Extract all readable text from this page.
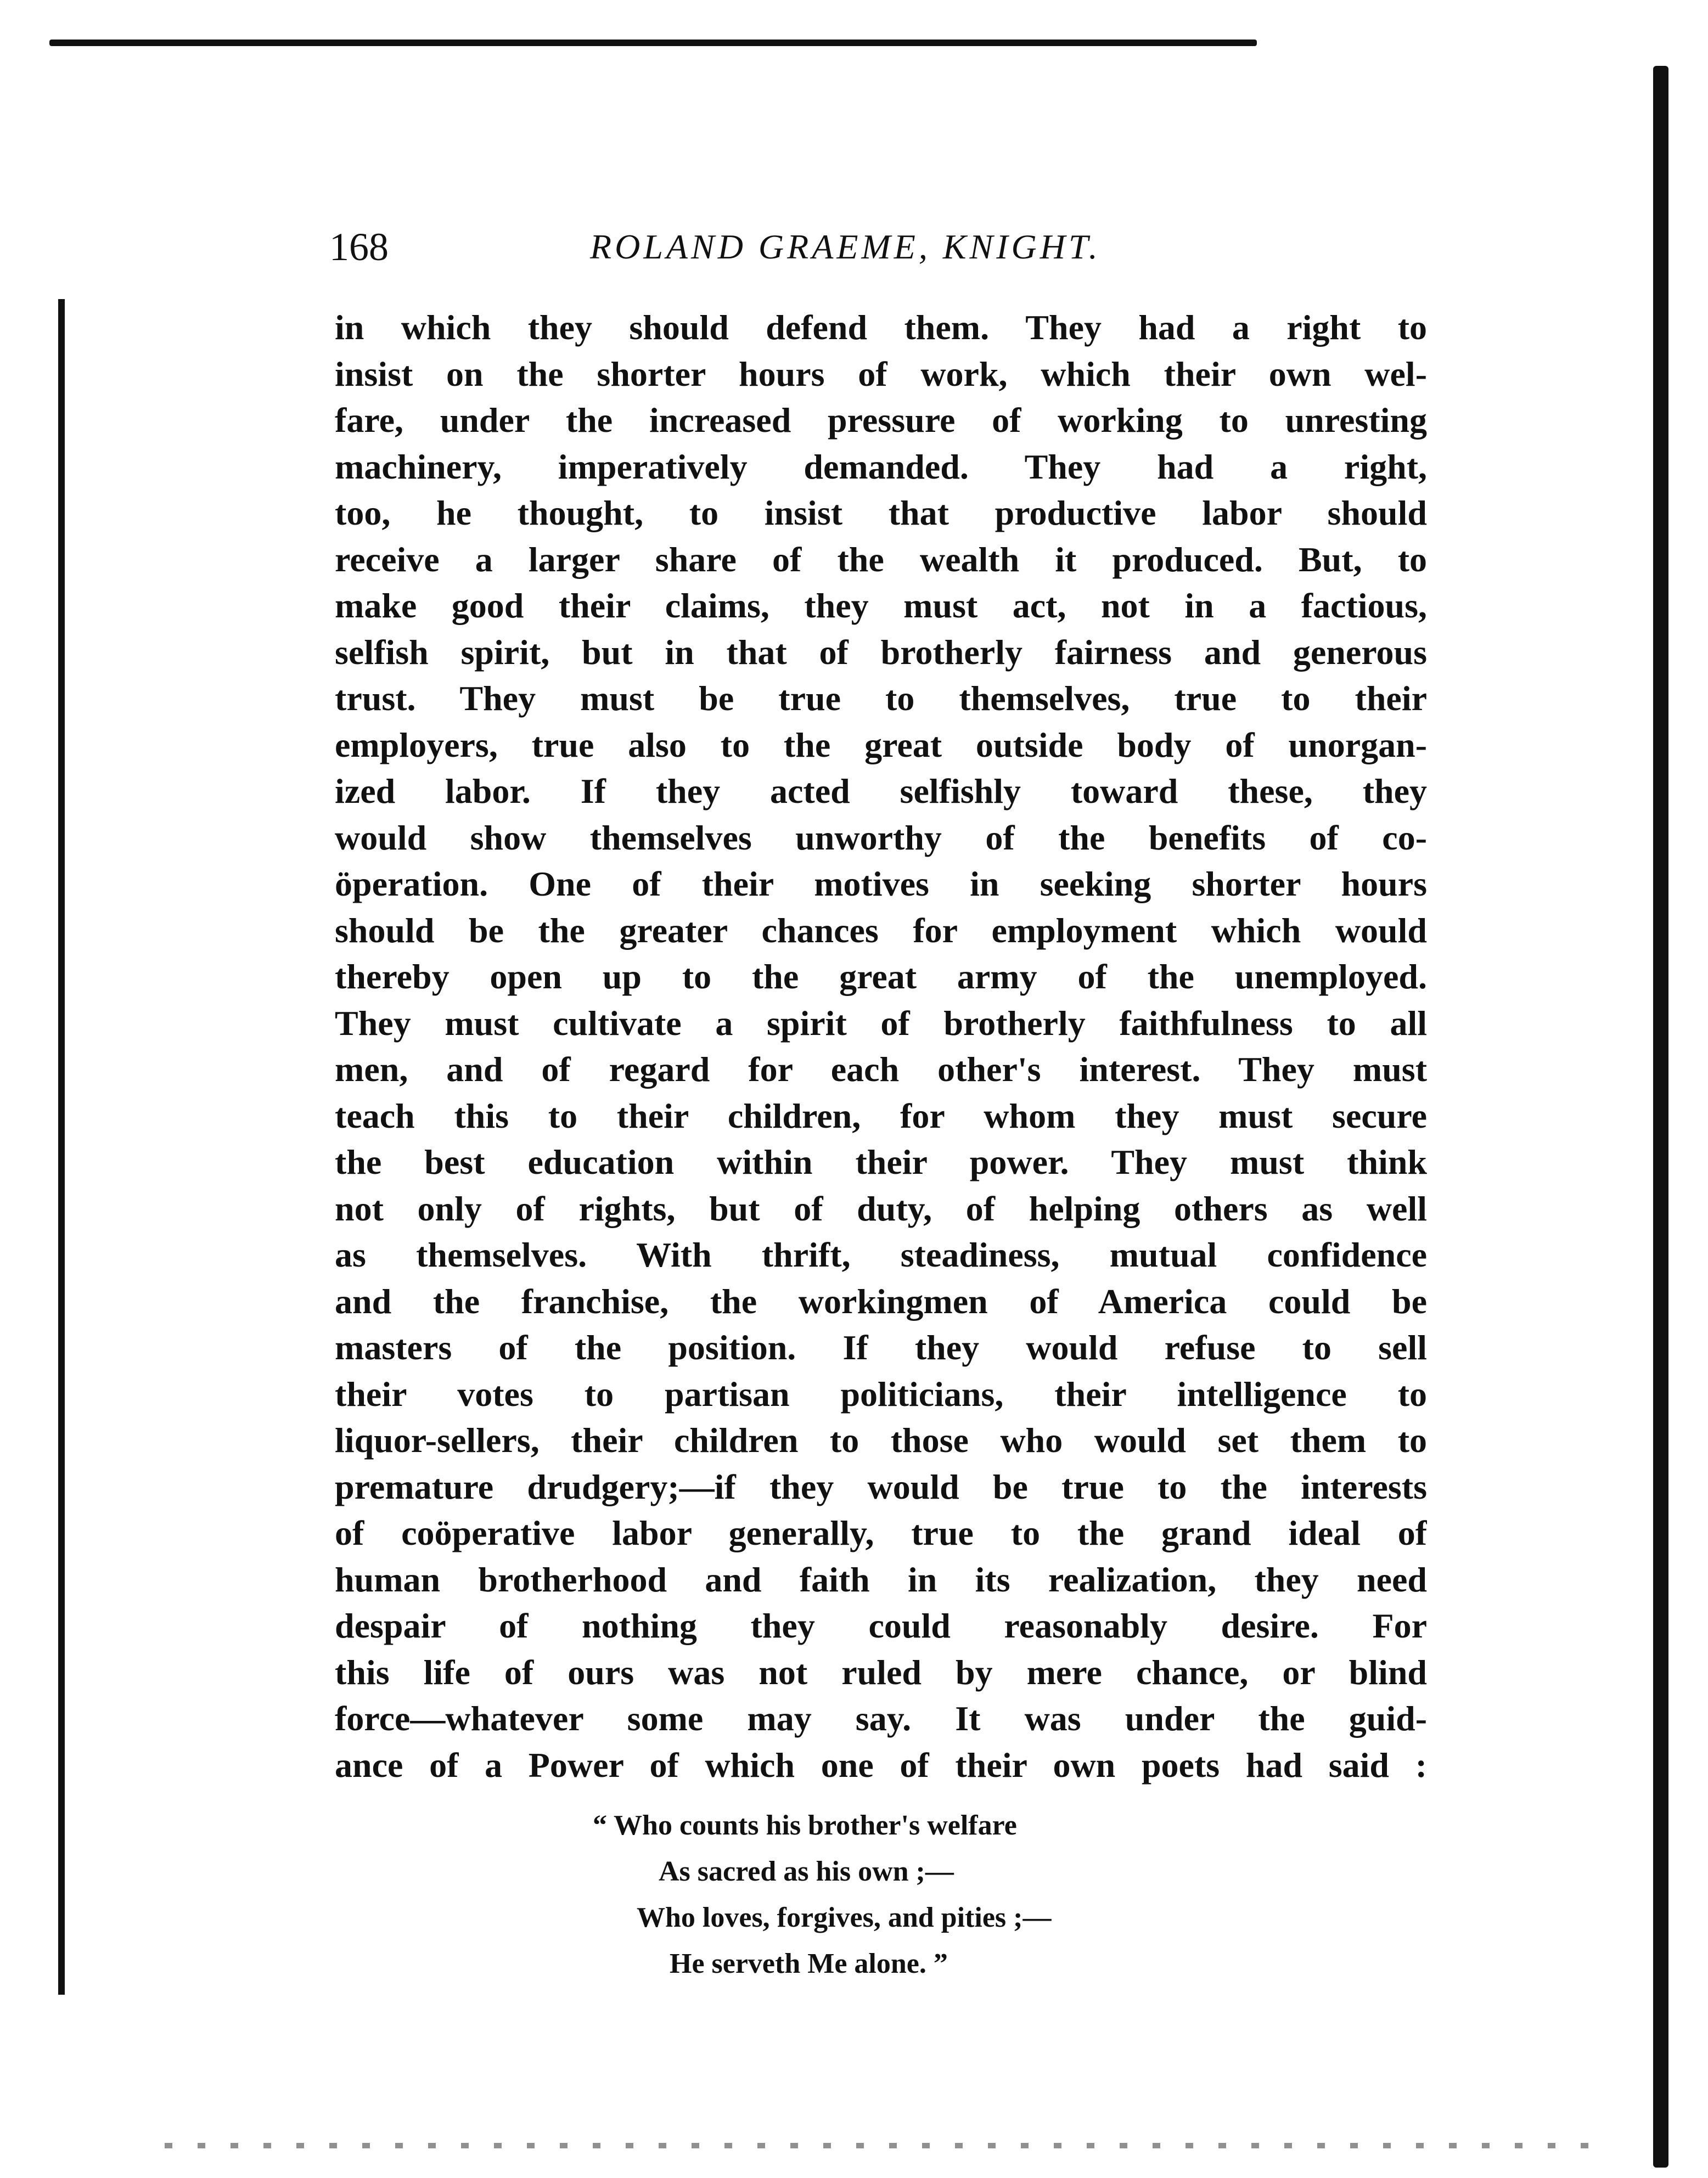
168	ROLAND GRAEME, KNIGHT.
in which they should defend them. They had a right to
insist on the shorter hours of work, which their own wel-
fare, under the increased pressure of working to unresting
machinery, imperatively demanded. They had a right,
too, he thought, to insist that productive labor should
receive a larger share of the wealth it produced. But, to
make good their claims, they must act, not in a factious,
selfish spirit, but in that of brotherly fairness and generous
trust. They must be true to themselves, true to their
employers, true also to the great outside body of unorgan-
ized labor. If they acted selfishly toward these, they
would show themselves unworthy of the benefits of co-
öperation. One of their motives in seeking shorter hours
should be the greater chances for employment which would
thereby open up to the great army of the unemployed.
They must cultivate a spirit of brotherly faithfulness to all
men, and of regard for each other's interest. They must
teach this to their children, for whom they must secure
the best education within their power. They must think
not only of rights, but of duty, of helping others as well
as themselves. With thrift, steadiness, mutual confidence
and the franchise, the workingmen of America could be
masters of the position. If they would refuse to sell
their votes to partisan politicians, their intelligence to
liquor-sellers, their children to those who would set them to
premature drudgery;—if they would be true to the interests
of coöperative labor generally, true to the grand ideal of
human brotherhood and faith in its realization, they need
despair of nothing they could reasonably desire. For
this life of ours was not ruled by mere chance, or blind
force—whatever some may say. It was under the guid-
ance of a Power of which one of their own poets had said :
“ Who counts his brother's welfare
As sacred as his own ;—
Who loves, forgives, and pities ;—
He serveth Me alone. ”
